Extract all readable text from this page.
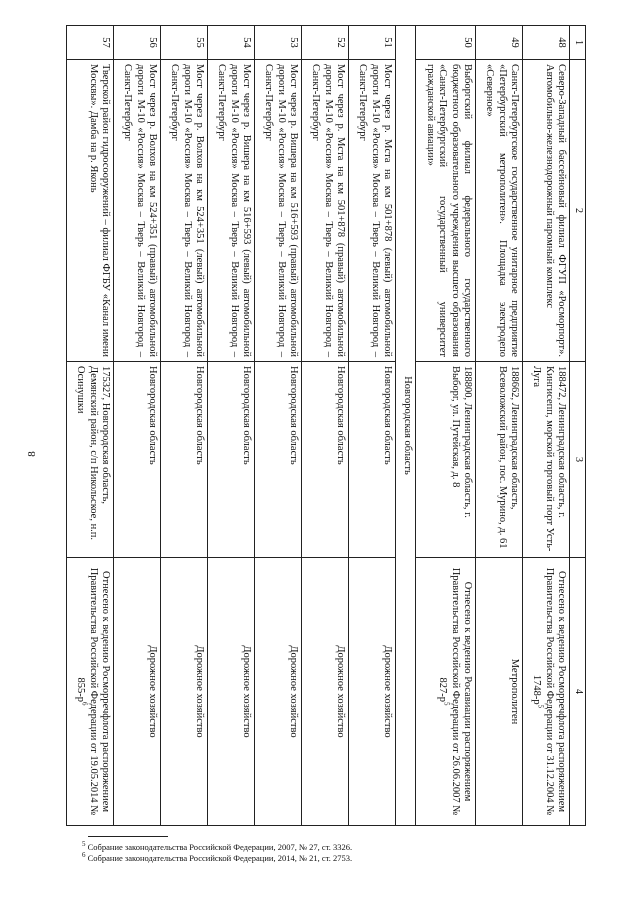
8
1	2	3	4
48	Северо-Западный бассейновый филиал ФГУП «Росморпорт». Автомобильно-железнодорожный паромный комплекс	188472, Ленинградская область, г. Кингисепп, морской торговый порт Усть-Луга	Отнесено к ведению Росморречфлота распоряжением Правительства Российской Федерации от 31.12.2004 № $1748-р^5$
49	Санкт-Петербургское государственное унитарное предприятие «Петербургский метрополитен». Площадка электродепо «Северное»	188662, Ленинградская область, Всеволожский район, пос. Мурино, д. 61	Метрополитен
50	Выборгский филиал федерального государственного бюджетного образовательного учреждения высшего образования «Санкт-Петербургский государственный университет гражданской авиации»	188800, Ленинградская область, г. Выборг, ул. Путейская, д. 8	Отнесено к ведению Росавиации распоряжением Правительства Российской Федерации от 26.06.2007 № $827-р^5$
Новгородская область			
51	Мост через р. Мста на км 501+878 (левый) автомобильной дороги М-10 «Россия» Москва – Тверь – Великий Новгород – Санкт-Петербург	Новгородская область	Дорожное хозяйство
52	Мост через р. Мста на км 501+878 (правый) автомобильной дороги М-10 «Россия» Москва – Тверь – Великий Новгород – Санкт-Петербург	Новгородская область	Дорожное хозяйство
53	Мост через р. Вишера на км 516+593 (правый) автомобильной дороги М-10 «Россия» Москва – Тверь – Великий Новгород – Санкт-Петербург	Новгородская область	Дорожное хозяйство
54	Мост через р. Вишера на км 516+593 (левый) автомобильной дороги М-10 «Россия» Москва – Тверь – Великий Новгород – Санкт-Петербург	Новгородская область	Дорожное хозяйство
55	Мост через р. Волхов на км 524+351 (левый) автомобильной дороги М-10 «Россия» Москва – Тверь – Великий Новгород – Санкт-Петербург	Новгородская область	Дорожное хозяйство
56	Мост через р. Волхов на км 524+351 (правый) автомобильной дороги М-10 «Россия» Москва – Тверь – Великий Новгород – Санкт-Петербург	Новгородская область	Дорожное хозяйство
57	Тверской район гидросооружений – филиал ФГБУ «Канал имени Москвы». Дамба на р. Яконь	175327, Новгородская область, Демянский район, с/п Никольское, н.п. Осинушки	Отнесено к ведению Росморречфлота распоряжением Правительства Российской Федерации от 19.05.2014 № $855-р^6$
$^5$ Собрание законодательства Российской Федерации, 2007, № 27, ст. 3326.
$^6$ Собрание законодательства Российской Федерации, 2014, № 21, ст. 2753.
